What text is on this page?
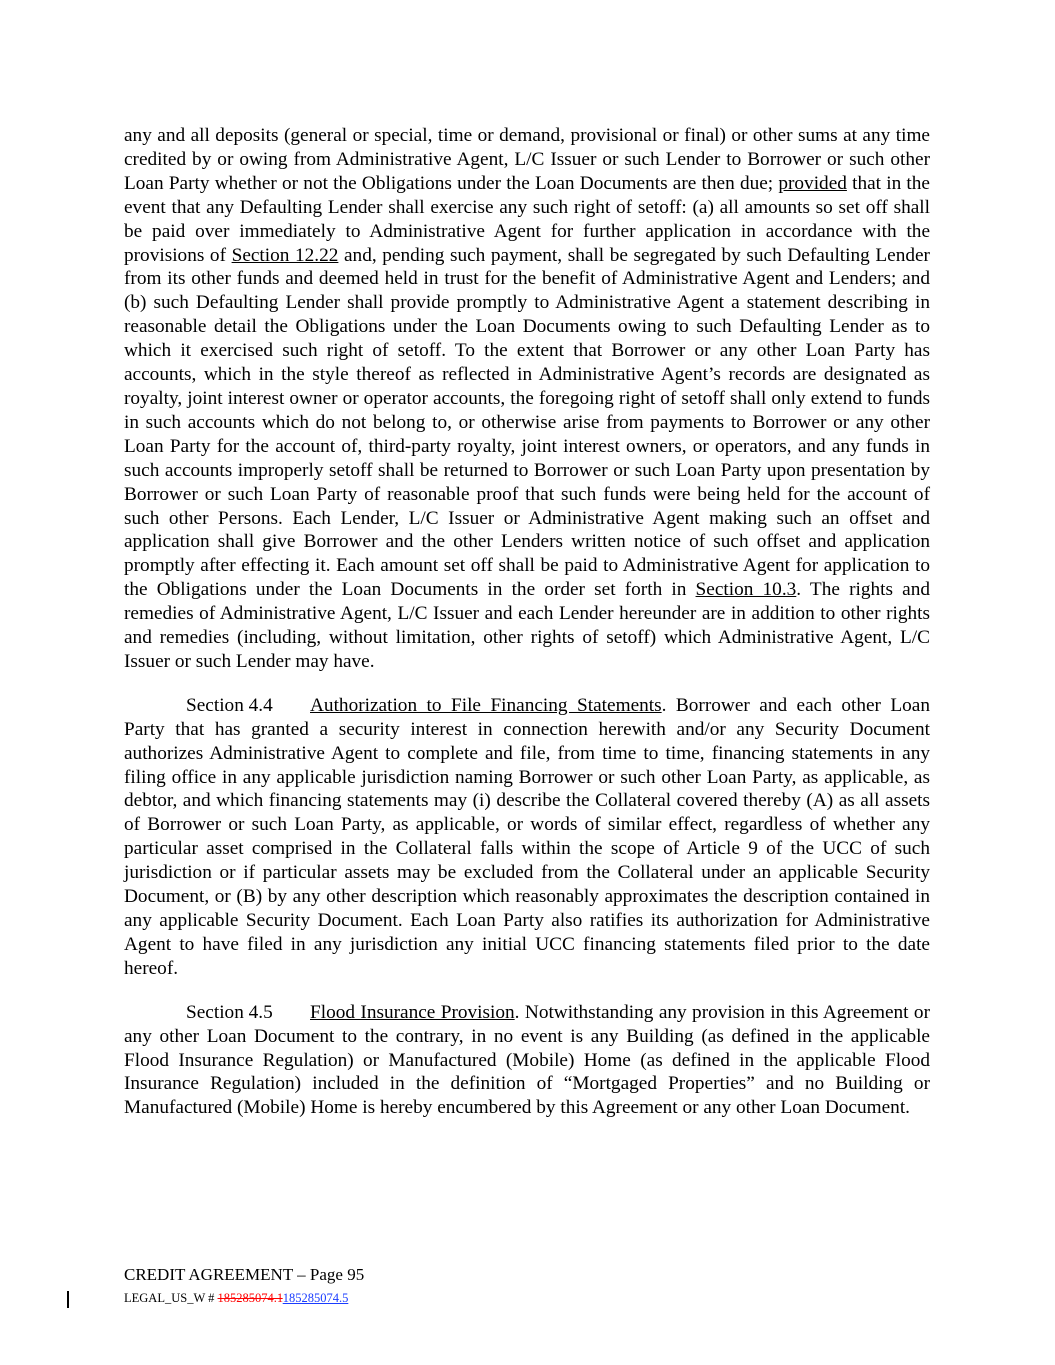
any and all deposits (general or special, time or demand, provisional or final) or other sums at any time credited by or owing from Administrative Agent, L/C Issuer or such Lender to Borrower or such other Loan Party whether or not the Obligations under the Loan Documents are then due; provided that in the event that any Defaulting Lender shall exercise any such right of setoff: (a) all amounts so set off shall be paid over immediately to Administrative Agent for further application in accordance with the provisions of Section 12.22 and, pending such payment, shall be segregated by such Defaulting Lender from its other funds and deemed held in trust for the benefit of Administrative Agent and Lenders; and (b) such Defaulting Lender shall provide promptly to Administrative Agent a statement describing in reasonable detail the Obligations under the Loan Documents owing to such Defaulting Lender as to which it exercised such right of setoff. To the extent that Borrower or any other Loan Party has accounts, which in the style thereof as reflected in Administrative Agent’s records are designated as royalty, joint interest owner or operator accounts, the foregoing right of setoff shall only extend to funds in such accounts which do not belong to, or otherwise arise from payments to Borrower or any other Loan Party for the account of, third-party royalty, joint interest owners, or operators, and any funds in such accounts improperly setoff shall be returned to Borrower or such Loan Party upon presentation by Borrower or such Loan Party of reasonable proof that such funds were being held for the account of such other Persons. Each Lender, L/C Issuer or Administrative Agent making such an offset and application shall give Borrower and the other Lenders written notice of such offset and application promptly after effecting it. Each amount set off shall be paid to Administrative Agent for application to the Obligations under the Loan Documents in the order set forth in Section 10.3. The rights and remedies of Administrative Agent, L/C Issuer and each Lender hereunder are in addition to other rights and remedies (including, without limitation, other rights of setoff) which Administrative Agent, L/C Issuer or such Lender may have.

Section 4.4 Authorization to File Financing Statements. Borrower and each other Loan Party that has granted a security interest in connection herewith and/or any Security Document authorizes Administrative Agent to complete and file, from time to time, financing statements in any filing office in any applicable jurisdiction naming Borrower or such other Loan Party, as applicable, as debtor, and which financing statements may (i) describe the Collateral covered thereby (A) as all assets of Borrower or such Loan Party, as applicable, or words of similar effect, regardless of whether any particular asset comprised in the Collateral falls within the scope of Article 9 of the UCC of such jurisdiction or if particular assets may be excluded from the Collateral under an applicable Security Document, or (B) by any other description which reasonably approximates the description contained in any applicable Security Document. Each Loan Party also ratifies its authorization for Administrative Agent to have filed in any jurisdiction any initial UCC financing statements filed prior to the date hereof.

Section 4.5 Flood Insurance Provision. Notwithstanding any provision in this Agreement or any other Loan Document to the contrary, in no event is any Building (as defined in the applicable Flood Insurance Regulation) or Manufactured (Mobile) Home (as defined in the applicable Flood Insurance Regulation) included in the definition of “Mortgaged Properties” and no Building or Manufactured (Mobile) Home is hereby encumbered by this Agreement or any other Loan Document.

CREDIT AGREEMENT – Page 95
LEGAL_US_W # 185285074.1185285074.5
